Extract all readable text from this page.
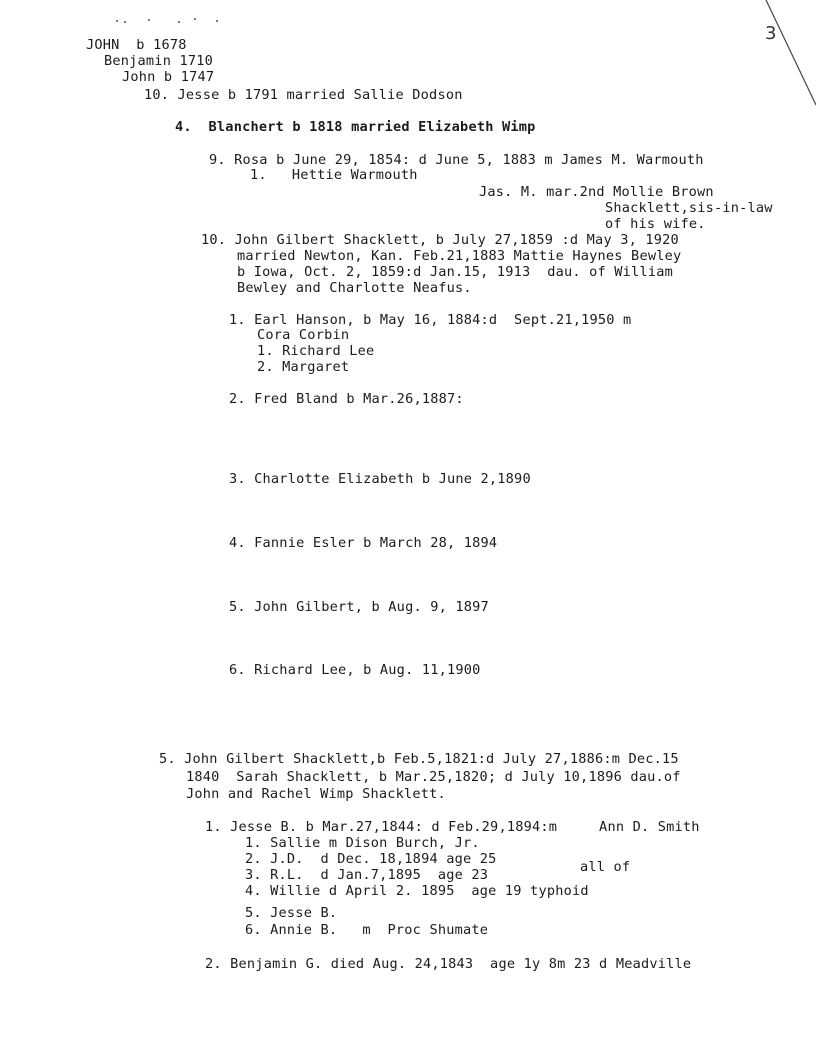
3
JOHN  b 1678
Benjamin 1710
John b 1747
10. Jesse b 1791 married Sallie Dodson
4.  Blanchert b 1818 married Elizabeth Wimp
9. Rosa b June 29, 1854: d June 5, 1883 m James M. Warmouth
1.   Hettie Warmouth
Jas. M. mar.2nd Mollie Brown
Shacklett,sis-in-law
of his wife.
10. John Gilbert Shacklett, b July 27,1859 :d May 3, 1920
married Newton, Kan. Feb.21,1883 Mattie Haynes Bewley
b Iowa, Oct. 2, 1859:d Jan.15, 1913  dau. of William
Bewley and Charlotte Neafus.
1. Earl Hanson, b May 16, 1884:d  Sept.21,1950 m
Cora Corbin
1. Richard Lee
2. Margaret
2. Fred Bland b Mar.26,1887:
3. Charlotte Elizabeth b June 2,1890
4. Fannie Esler b March 28, 1894
5. John Gilbert, b Aug. 9, 1897
6. Richard Lee, b Aug. 11,1900
5. John Gilbert Shacklett,b Feb.5,1821:d July 27,1886:m Dec.15
1840  Sarah Shacklett, b Mar.25,1820; d July 10,1896 dau.of
John and Rachel Wimp Shacklett.
1. Jesse B. b Mar.27,1844: d Feb.29,1894:m     Ann D. Smith
1. Sallie m Dison Burch, Jr.
2. J.D.  d Dec. 18,1894 age 25	all of
3. R.L.  d Jan.7,1895  age 23
4. Willie d April 2. 1895  age 19 typhoid
5. Jesse B.
6. Annie B.   m  Proc Shumate
2. Benjamin G. died Aug. 24,1843  age 1y 8m 23 d Meadville
